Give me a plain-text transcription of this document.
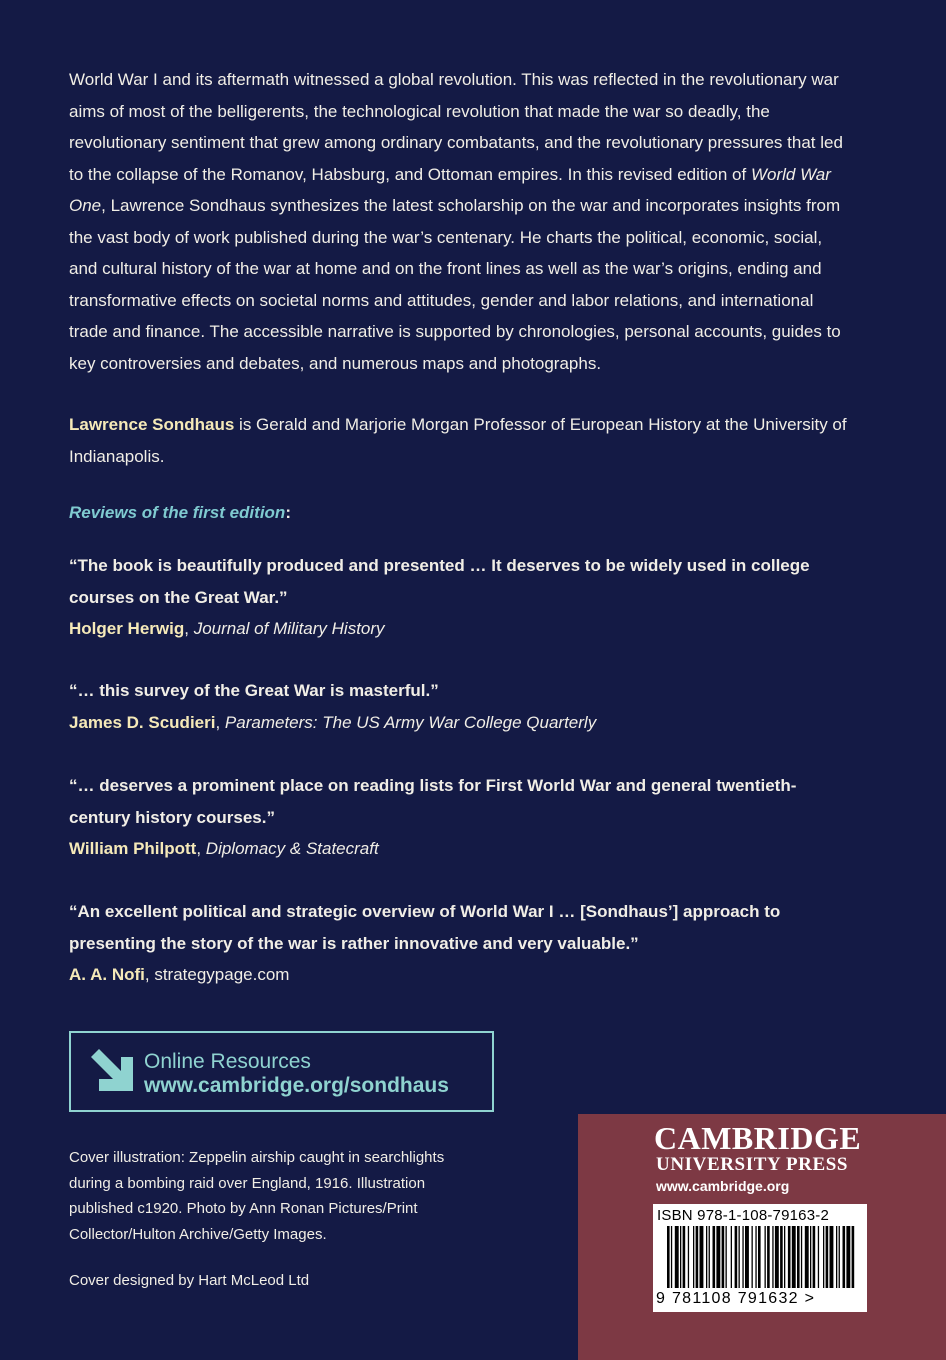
World War I and its aftermath witnessed a global revolution. This was reflected in the revolutionary war aims of most of the belligerents, the technological revolution that made the war so deadly, the revolutionary sentiment that grew among ordinary combatants, and the revolutionary pressures that led to the collapse of the Romanov, Habsburg, and Ottoman empires. In this revised edition of World War One, Lawrence Sondhaus synthesizes the latest scholarship on the war and incorporates insights from the vast body of work published during the war’s centenary. He charts the political, economic, social, and cultural history of the war at home and on the front lines as well as the war’s origins, ending and transformative effects on societal norms and attitudes, gender and labor relations, and international trade and finance. The accessible narrative is supported by chronologies, personal accounts, guides to key controversies and debates, and numerous maps and photographs.

Lawrence Sondhaus is Gerald and Marjorie Morgan Professor of European History at the University of Indianapolis.

Reviews of the first edition:

“The book is beautifully produced and presented … It deserves to be widely used in college courses on the Great War.”

Holger Herwig, Journal of Military History

“… this survey of the Great War is masterful.”

James D. Scudieri, Parameters: The US Army War College Quarterly

“… deserves a prominent place on reading lists for First World War and general twentieth-century history courses.”

William Philpott, Diplomacy & Statecraft

“An excellent political and strategic overview of World War I … [Sondhaus’] approach to presenting the story of the war is rather innovative and very valuable.”

A. A. Nofi, strategypage.com

Online Resources
www.cambridge.org/sondhaus

Cover illustration: Zeppelin airship caught in searchlights during a bombing raid over England, 1916. Illustration published c1920. Photo by Ann Ronan Pictures/Print Collector/Hulton Archive/Getty Images.

Cover designed by Hart McLeod Ltd

CAMBRIDGE
UNIVERSITY PRESS
www.cambridge.org
ISBN 978-1-108-79163-2
9 781108 791632 >
